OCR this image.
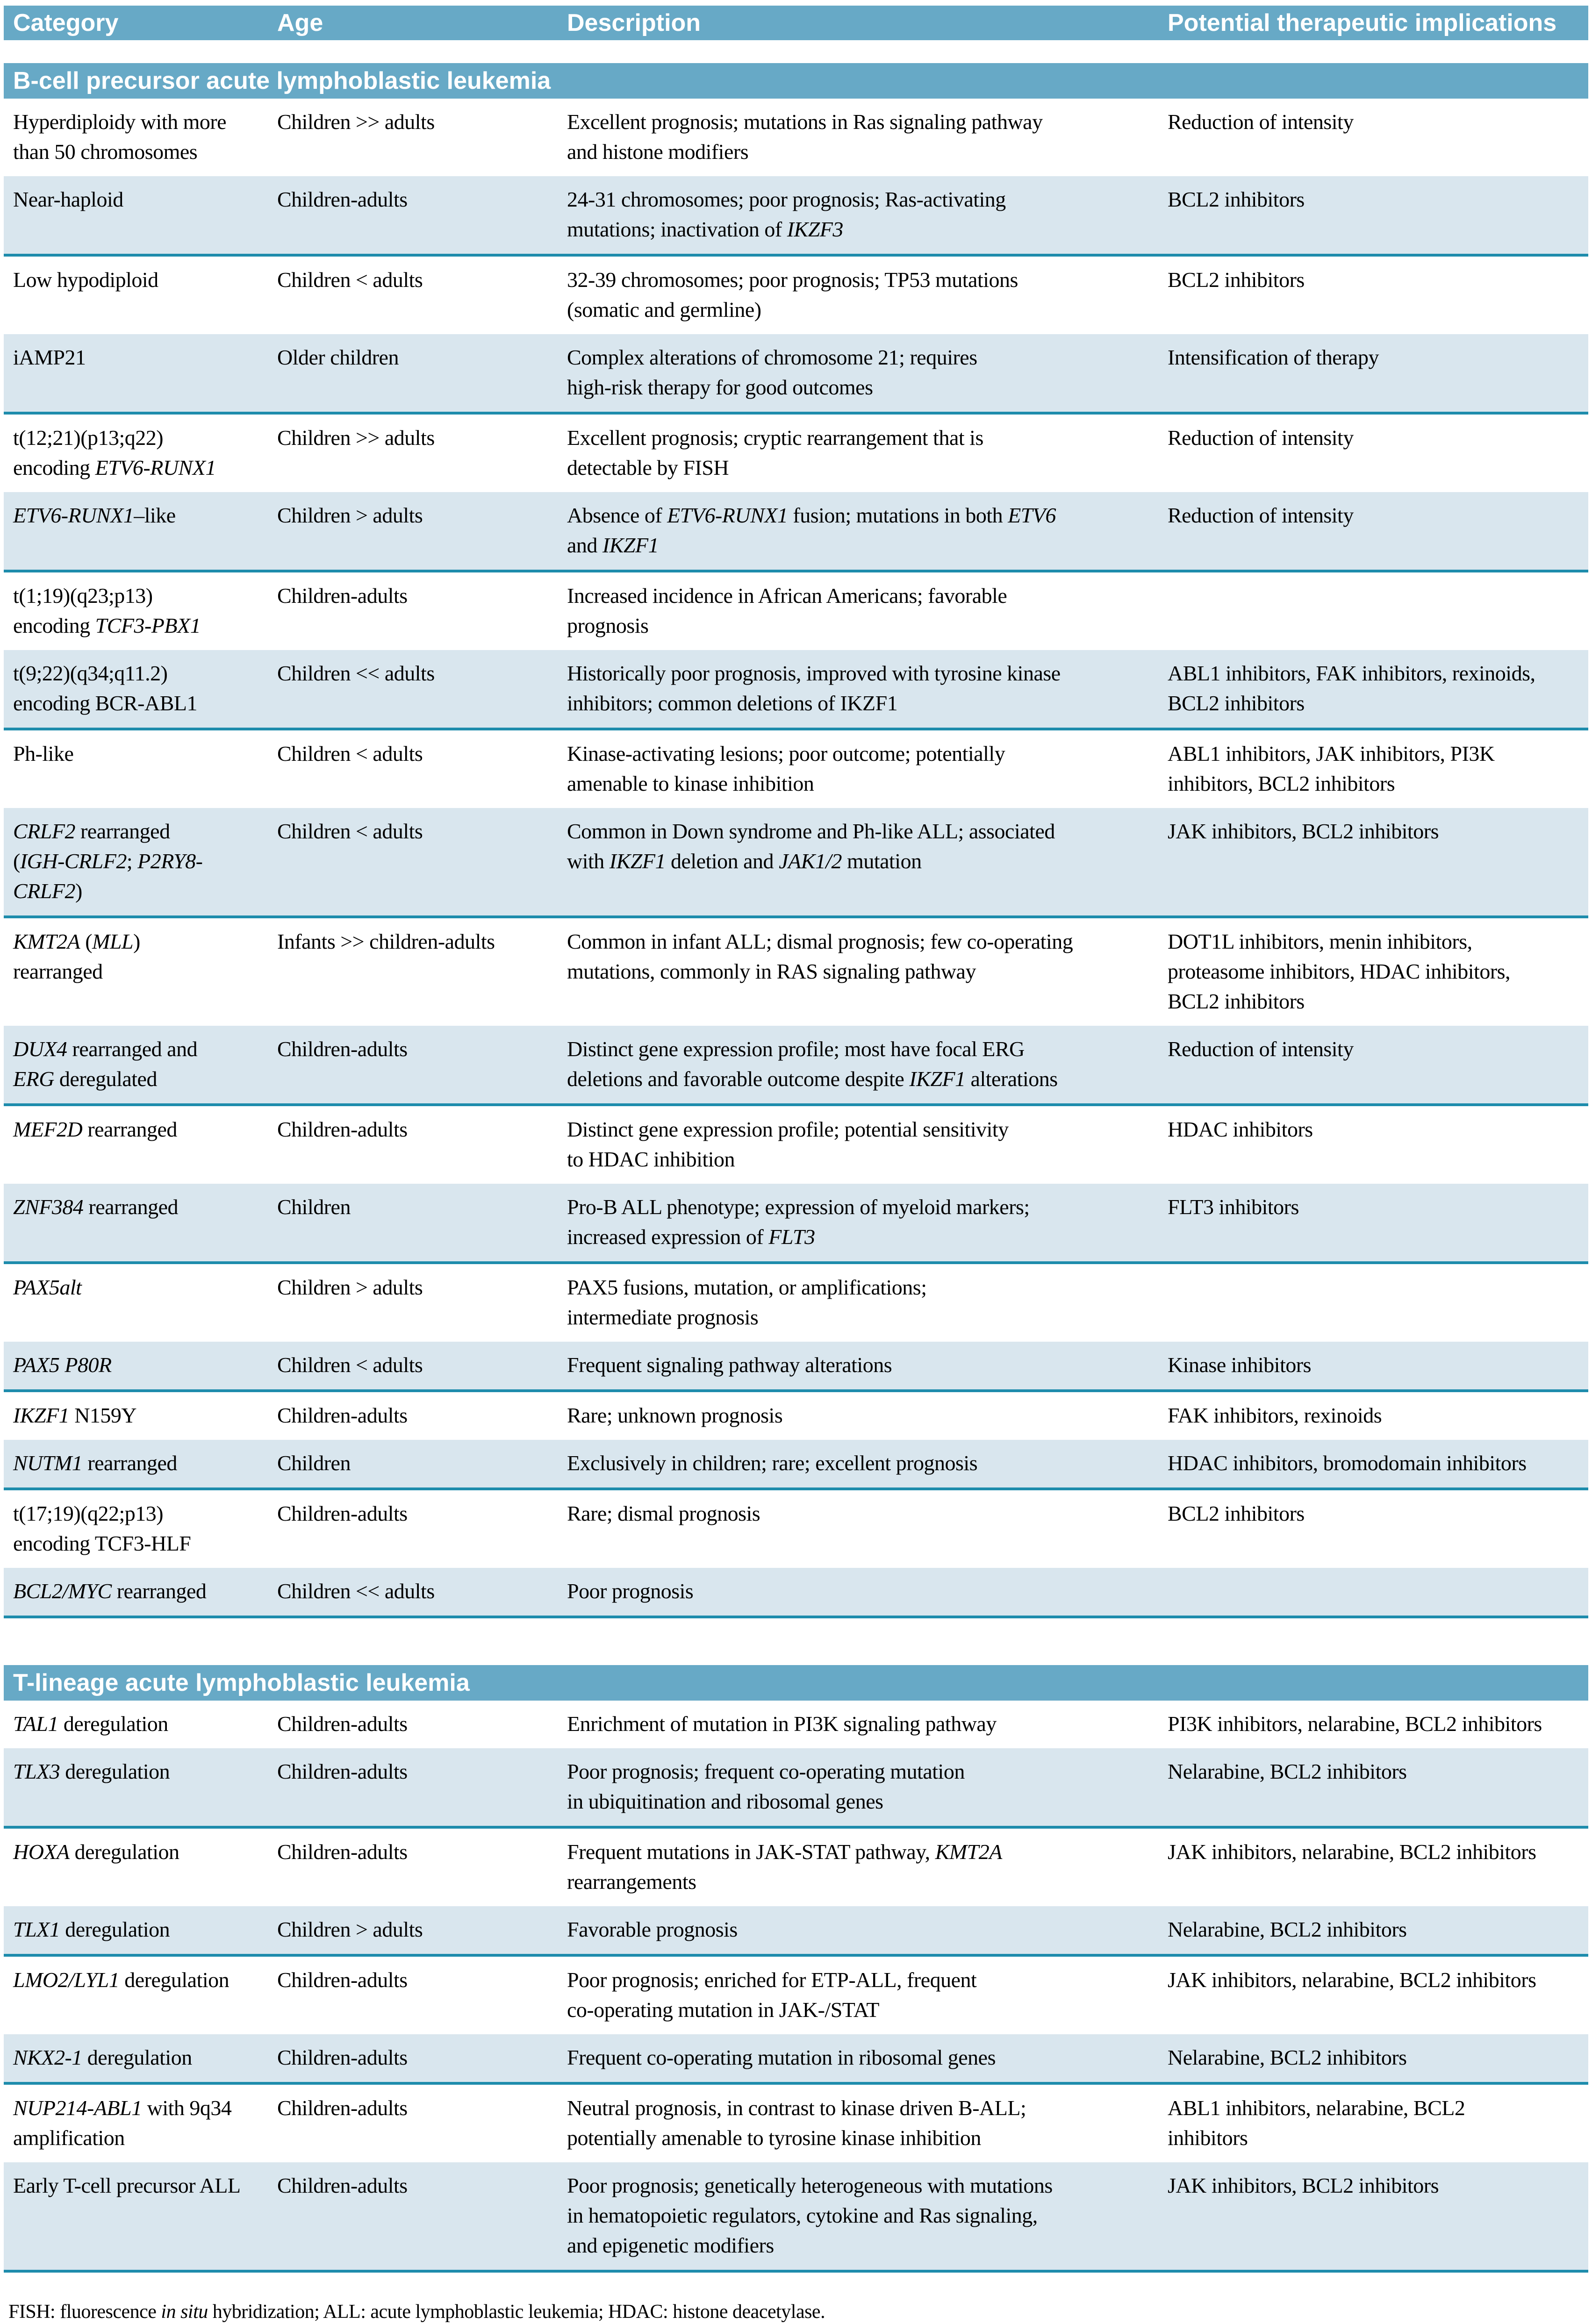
Category	Age	Description	Potential therapeutic implications

B-cell precursor acute lymphoblastic leukemia			
Hyperdiploidy with more
than 50 chromosomes	Children >> adults	Excellent prognosis; mutations in Ras signaling pathway
and histone modifiers	Reduction of intensity
Near-haploid	Children-adults	24-31 chromosomes; poor prognosis; Ras-activating
mutations; inactivation of IKZF3	BCL2 inhibitors
Low hypodiploid	Children < adults	32-39 chromosomes; poor prognosis; TP53 mutations
(somatic and germline)	BCL2 inhibitors
iAMP21	Older children	Complex alterations of chromosome 21; requires
high-risk therapy for good outcomes	Intensification of therapy
t(12;21)(p13;q22)
encoding ETV6-RUNX1	Children >> adults	Excellent prognosis; cryptic rearrangement that is
detectable by FISH	Reduction of intensity
ETV6-RUNX1–like	Children > adults	Absence of ETV6-RUNX1 fusion; mutations in both ETV6
and IKZF1	Reduction of intensity
t(1;19)(q23;p13)
encoding TCF3-PBX1	Children-adults	Increased incidence in African Americans; favorable
prognosis	
t(9;22)(q34;q11.2)
encoding BCR-ABL1	Children << adults	Historically poor prognosis, improved with tyrosine kinase
inhibitors; common deletions of IKZF1	ABL1 inhibitors, FAK inhibitors, rexinoids,
BCL2 inhibitors
Ph-like	Children < adults	Kinase-activating lesions; poor outcome; potentially
amenable to kinase inhibition	ABL1 inhibitors, JAK inhibitors, PI3K
inhibitors, BCL2 inhibitors
CRLF2 rearranged
(IGH-CRLF2; P2RY8-
CRLF2)	Children < adults	Common in Down syndrome and Ph-like ALL; associated
with IKZF1 deletion and JAK1/2 mutation	JAK inhibitors, BCL2 inhibitors
KMT2A (MLL)
rearranged	Infants >> children-adults	Common in infant ALL; dismal prognosis; few co-operating
mutations, commonly in RAS signaling pathway	DOT1L inhibitors, menin inhibitors,
proteasome inhibitors, HDAC inhibitors,
BCL2 inhibitors
DUX4 rearranged and
ERG deregulated	Children-adults	Distinct gene expression profile; most have focal ERG
deletions and favorable outcome despite IKZF1 alterations	Reduction of intensity
MEF2D rearranged	Children-adults	Distinct gene expression profile; potential sensitivity
to HDAC inhibition	HDAC inhibitors
ZNF384 rearranged	Children	Pro-B ALL phenotype; expression of myeloid markers;
increased expression of FLT3	FLT3 inhibitors
PAX5alt	Children > adults	PAX5 fusions, mutation, or amplifications;
intermediate prognosis	
PAX5 P80R	Children < adults	Frequent signaling pathway alterations	Kinase inhibitors
IKZF1 N159Y	Children-adults	Rare; unknown prognosis	FAK inhibitors, rexinoids
NUTM1 rearranged	Children	Exclusively in children; rare; excellent prognosis	HDAC inhibitors, bromodomain inhibitors
t(17;19)(q22;p13)
encoding TCF3-HLF	Children-adults	Rare; dismal prognosis	BCL2 inhibitors
BCL2/MYC rearranged	Children << adults	Poor prognosis	

T-lineage acute lymphoblastic leukemia			
TAL1 deregulation	Children-adults	Enrichment of mutation in PI3K signaling pathway	PI3K inhibitors, nelarabine, BCL2 inhibitors
TLX3 deregulation	Children-adults	Poor prognosis; frequent co-operating mutation
in ubiquitination and ribosomal genes	Nelarabine, BCL2 inhibitors
HOXA deregulation	Children-adults	Frequent mutations in JAK-STAT pathway, KMT2A
rearrangements	JAK inhibitors, nelarabine, BCL2 inhibitors
TLX1 deregulation	Children > adults	Favorable prognosis	Nelarabine, BCL2 inhibitors
LMO2/LYL1 deregulation	Children-adults	Poor prognosis; enriched for ETP-ALL, frequent
co-operating mutation in JAK-/STAT	JAK inhibitors, nelarabine, BCL2 inhibitors
NKX2-1 deregulation	Children-adults	Frequent co-operating mutation in ribosomal genes	Nelarabine, BCL2 inhibitors
NUP214-ABL1 with 9q34
amplification	Children-adults	Neutral prognosis, in contrast to kinase driven B-ALL;
potentially amenable to tyrosine kinase inhibition	ABL1 inhibitors, nelarabine, BCL2
inhibitors
Early T-cell precursor ALL	Children-adults	Poor prognosis; genetically heterogeneous with mutations
in hematopoietic regulators, cytokine and Ras signaling,
and epigenetic modifiers	JAK inhibitors, BCL2 inhibitors
FISH: fluorescence in situ hybridization; ALL: acute lymphoblastic leukemia; HDAC: histone deacetylase.
